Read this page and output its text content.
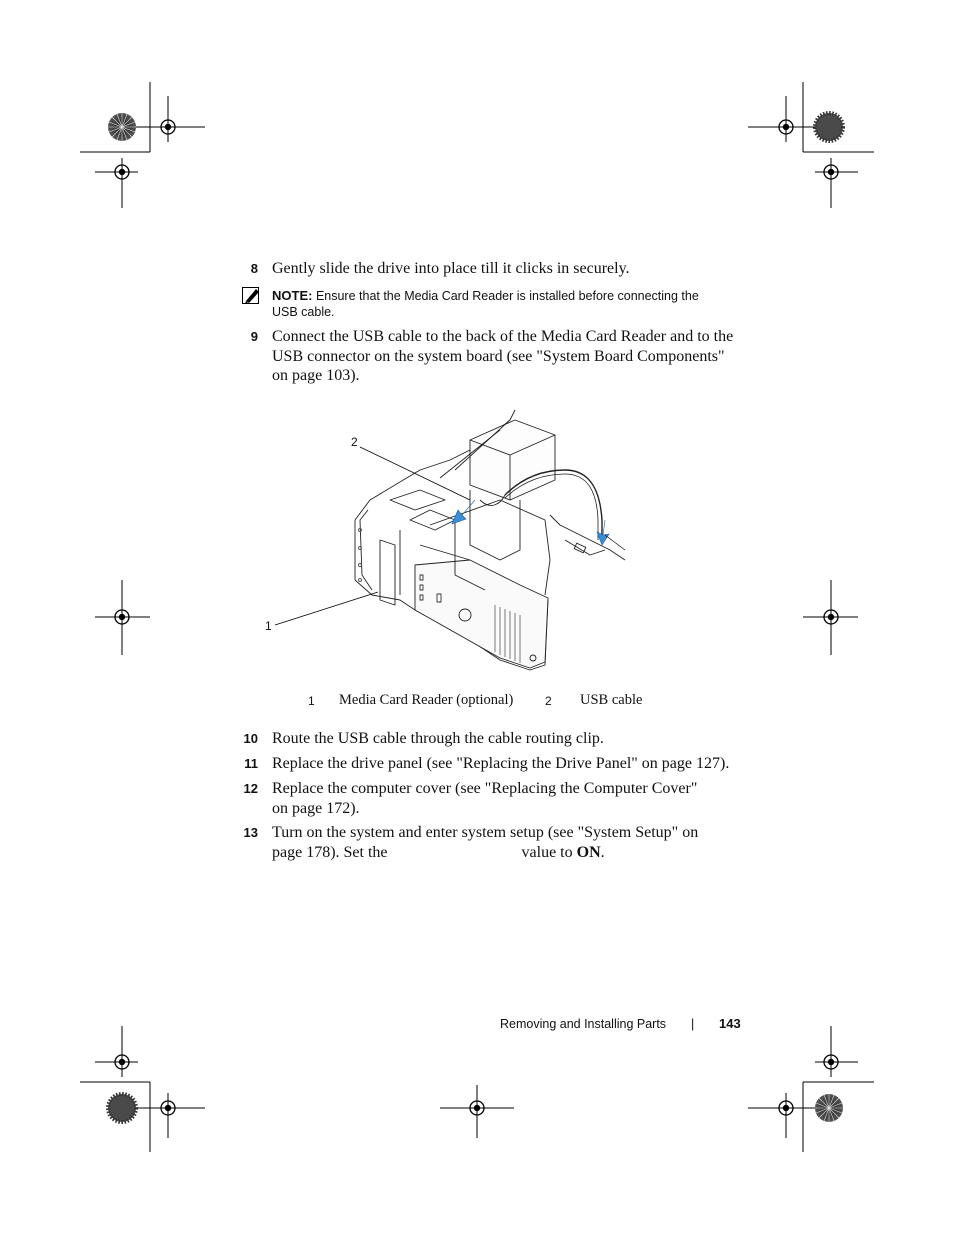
8 Gently slide the drive into place till it clicks in securely.
NOTE: Ensure that the Media Card Reader is installed before connecting the USB cable.
9 Connect the USB cable to the back of the Media Card Reader and to the USB connector on the system board (see "System Board Components" on page 103).
2
1
1 Media Card Reader (optional)	2 USB cable
10 Route the USB cable through the cable routing clip.
11 Replace the drive panel (see "Replacing the Drive Panel" on page 127).
12 Replace the computer cover (see "Replacing the Computer Cover" on page 172).
13 Turn on the system and enter system setup (see "System Setup" on page 178). Set the	value to ON.
Removing and Installing Parts | 143
